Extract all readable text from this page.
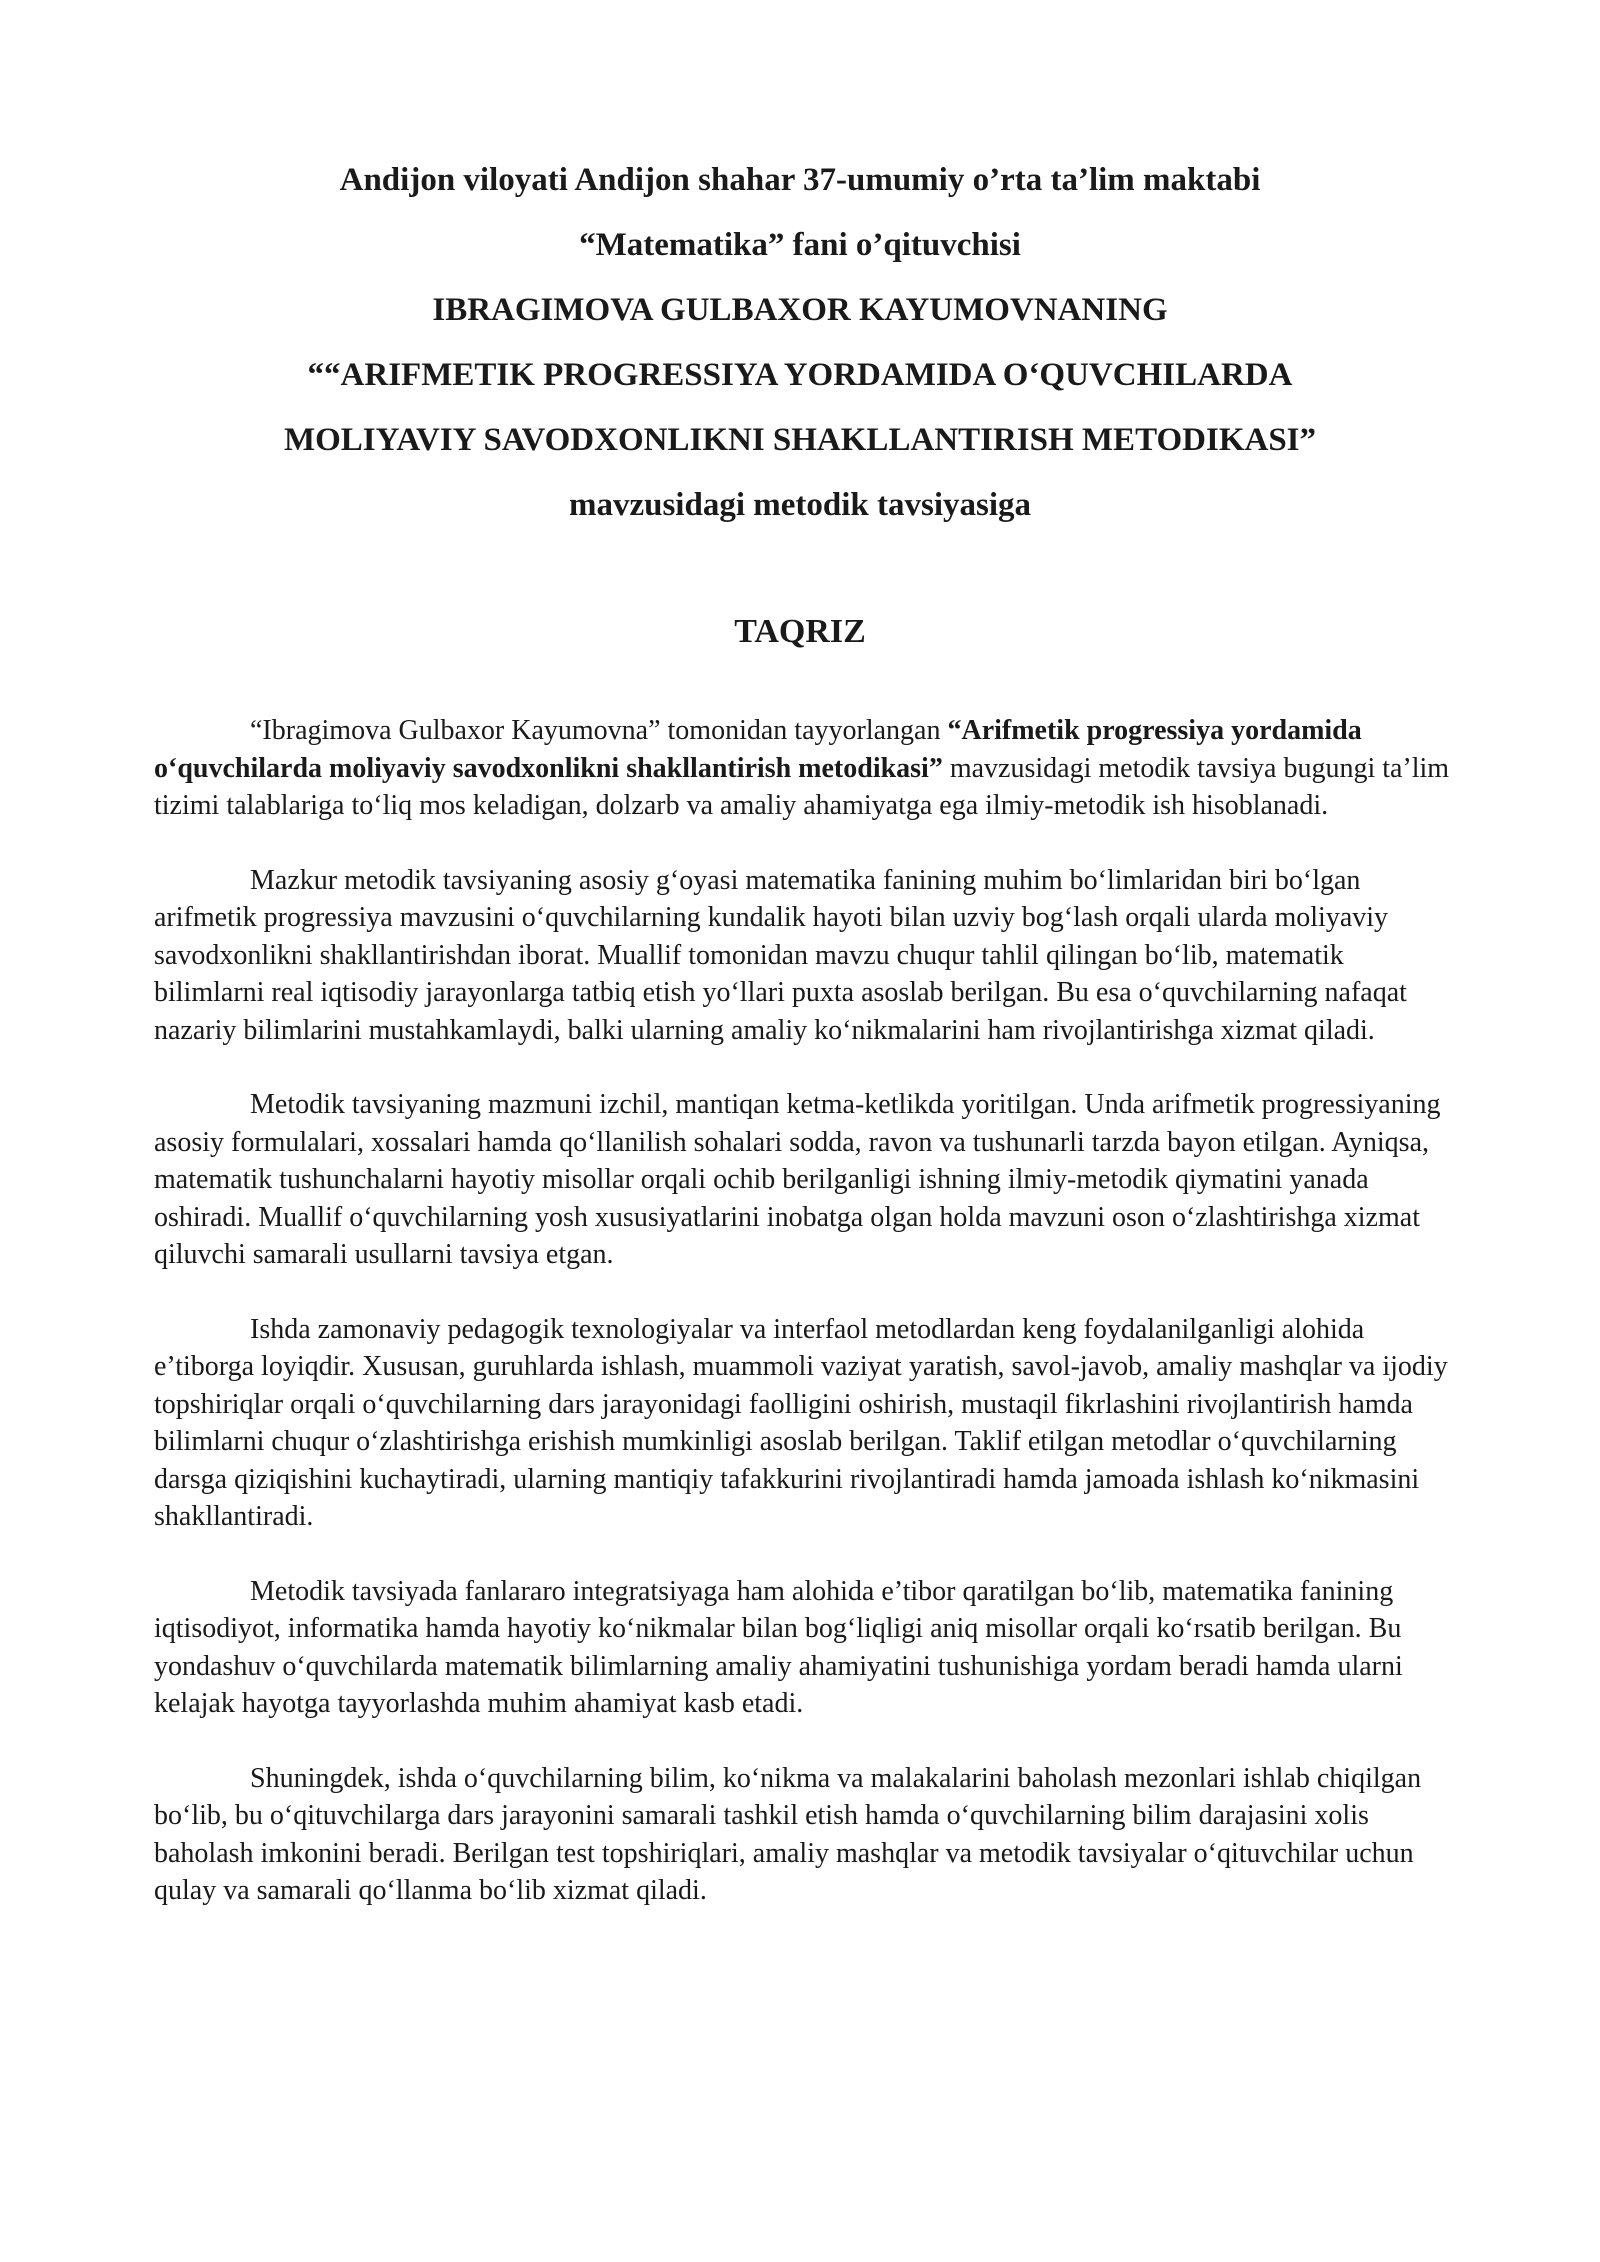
Andijon viloyati Andijon shahar 37-umumiy o’rta ta’lim maktabi
“Matematika” fani o’qituvchisi
IBRAGIMOVA GULBAXOR KAYUMOVNANING
““ARIFMETIK PROGRESSIYA YORDAMIDA O‘QUVCHILARDA
MOLIYAVIY SAVODXONLIKNI SHAKLLANTIRISH METODIKASI”
mavzusidagi metodik tavsiyasiga
TAQRIZ

“Ibragimova Gulbaxor Kayumovna” tomonidan tayyorlangan “Arifmetik progressiya yordamida o‘quvchilarda moliyaviy savodxonlikni shakllantirish metodikasi” mavzusidagi metodik tavsiya bugungi ta’lim tizimi talablariga to‘liq mos keladigan, dolzarb va amaliy ahamiyatga ega ilmiy-metodik ish hisoblanadi.

Mazkur metodik tavsiyaning asosiy g‘oyasi matematika fanining muhim bo‘limlaridan biri bo‘lgan arifmetik progressiya mavzusini o‘quvchilarning kundalik hayoti bilan uzviy bog‘lash orqali ularda moliyaviy savodxonlikni shakllantirishdan iborat. Muallif tomonidan mavzu chuqur tahlil qilingan bo‘lib, matematik bilimlarni real iqtisodiy jarayonlarga tatbiq etish yo‘llari puxta asoslab berilgan. Bu esa o‘quvchilarning nafaqat nazariy bilimlarini mustahkamlaydi, balki ularning amaliy ko‘nikmalarini ham rivojlantirishga xizmat qiladi.

Metodik tavsiyaning mazmuni izchil, mantiqan ketma-ketlikda yoritilgan. Unda arifmetik progressiyaning asosiy formulalari, xossalari hamda qo‘llanilish sohalari sodda, ravon va tushunarli tarzda bayon etilgan. Ayniqsa, matematik tushunchalarni hayotiy misollar orqali ochib berilganligi ishning ilmiy-metodik qiymatini yanada oshiradi. Muallif o‘quvchilarning yosh xususiyatlarini inobatga olgan holda mavzuni oson o‘zlashtirishga xizmat qiluvchi samarali usullarni tavsiya etgan.

Ishda zamonaviy pedagogik texnologiyalar va interfaol metodlardan keng foydalanilganligi alohida e’tiborga loyiqdir. Xususan, guruhlarda ishlash, muammoli vaziyat yaratish, savol-javob, amaliy mashqlar va ijodiy topshiriqlar orqali o‘quvchilarning dars jarayonidagi faolligini oshirish, mustaqil fikrlashini rivojlantirish hamda bilimlarni chuqur o‘zlashtirishga erishish mumkinligi asoslab berilgan. Taklif etilgan metodlar o‘quvchilarning darsga qiziqishini kuchaytiradi, ularning mantiqiy tafakkurini rivojlantiradi hamda jamoada ishlash ko‘nikmasini shakllantiradi.

Metodik tavsiyada fanlararo integratsiyaga ham alohida e’tibor qaratilgan bo‘lib, matematika fanining iqtisodiyot, informatika hamda hayotiy ko‘nikmalar bilan bog‘liqligi aniq misollar orqali ko‘rsatib berilgan. Bu yondashuv o‘quvchilarda matematik bilimlarning amaliy ahamiyatini tushunishiga yordam beradi hamda ularni kelajak hayotga tayyorlashda muhim ahamiyat kasb etadi.

Shuningdek, ishda o‘quvchilarning bilim, ko‘nikma va malakalarini baholash mezonlari ishlab chiqilgan bo‘lib, bu o‘qituvchilarga dars jarayonini samarali tashkil etish hamda o‘quvchilarning bilim darajasini xolis baholash imkonini beradi. Berilgan test topshiriqlari, amaliy mashqlar va metodik tavsiyalar o‘qituvchilar uchun qulay va samarali qo‘llanma bo‘lib xizmat qiladi.
